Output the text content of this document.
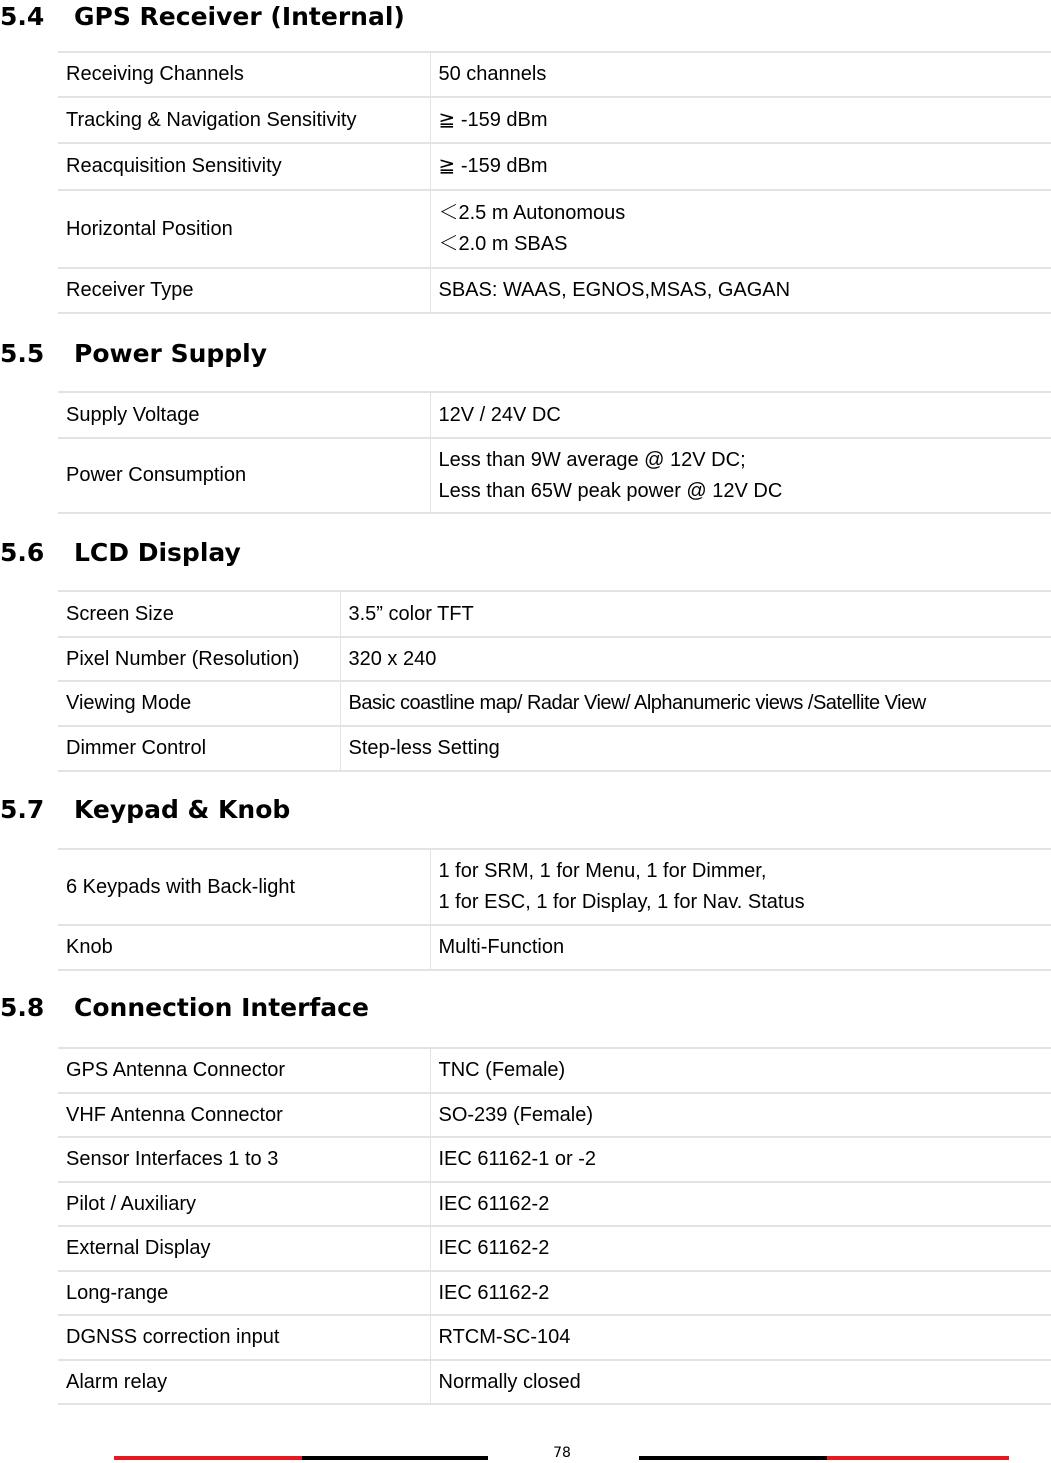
5.4 GPS Receiver (Internal)
Receiving Channels	50 channels

Tracking & Navigation Sensitivity	≧ -159 dBm

Reacquisition Sensitivity	≧ -159 dBm

Horizontal Position	＜2.5 m Autonomous
＜2.0 m SBAS

Receiver Type	SBAS: WAAS, EGNOS,MSAS, GAGAN
5.5 Power Supply
Supply Voltage	12V / 24V DC

Power Consumption	Less than 9W average @ 12V DC;
Less than 65W peak power @ 12V DC
5.6 LCD Display
Screen Size	3.5” color TFT

Pixel Number (Resolution)	320 x 240

Viewing Mode	Basic coastline map/ Radar View/ Alphanumeric views /Satellite View

Dimmer Control	Step-less Setting
5.7 Keypad & Knob
6 Keypads with Back-light	1 for SRM, 1 for Menu, 1 for Dimmer,
1 for ESC, 1 for Display, 1 for Nav. Status

Knob	Multi-Function
5.8 Connection Interface
GPS Antenna Connector	TNC (Female)

VHF Antenna Connector	SO-239 (Female)

Sensor Interfaces 1 to 3	IEC 61162-1 or -2

Pilot / Auxiliary	IEC 61162-2

External Display	IEC 61162-2

Long-range	IEC 61162-2

DGNSS correction input	RTCM-SC-104

Alarm relay	Normally closed
78
